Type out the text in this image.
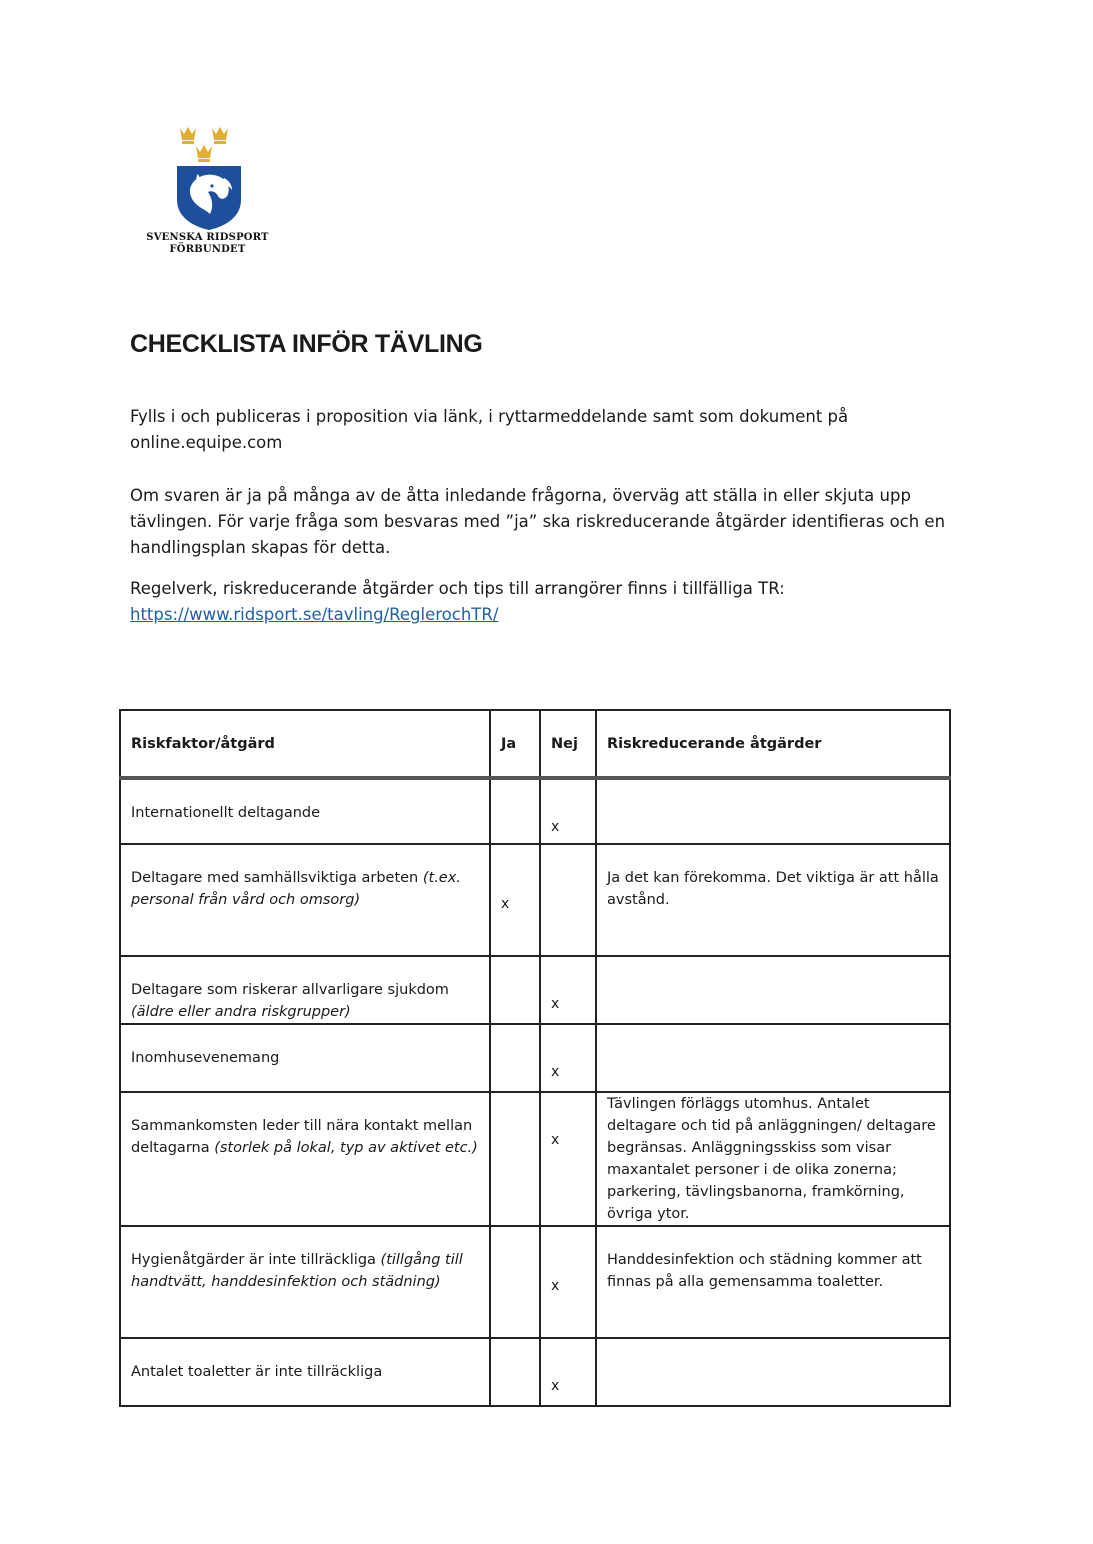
SVENSKA RIDSPORT
FÖRBUNDET
CHECKLISTA INFÖR TÄVLING

Fylls i och publiceras i proposition via länk, i ryttarmeddelande samt som dokument på online.equipe.com

Om svaren är ja på många av de åtta inledande frågorna, överväg att ställa in eller skjuta upp tävlingen. För varje fråga som besvaras med ”ja” ska riskreducerande åtgärder identifieras och en handlingsplan skapas för detta.

Regelverk, riskreducerande åtgärder och tips till arrangörer finns i tillfälliga TR:
https://www.ridsport.se/tavling/ReglerochTR/

Riskfaktor/åtgärd	Ja	Nej	Riskreducerande åtgärder

Internationellt deltagande		x	

Deltagare med samhällsviktiga arbeten (t.ex. personal från vård och omsorg)	x		Ja det kan förekomma. Det viktiga är att hålla avstånd.

Deltagare som riskerar allvarligare sjukdom (äldre eller andra riskgrupper)		x	

Inomhusevenemang		x	

Sammankomsten leder till nära kontakt mellan deltagarna (storlek på lokal, typ av aktivet etc.)		x	Tävlingen förläggs utomhus. Antalet deltagare och tid på anläggningen/ deltagare begränsas. Anläggningsskiss som visar maxantalet personer i de olika zonerna; parkering, tävlingsbanorna, framkörning, övriga ytor.

Hygienåtgärder är inte tillräckliga (tillgång till handtvätt, handdesinfektion och städning)		x	Handdesinfektion och städning kommer att finnas på alla gemensamma toaletter.

Antalet toaletter är inte tillräckliga		x	
